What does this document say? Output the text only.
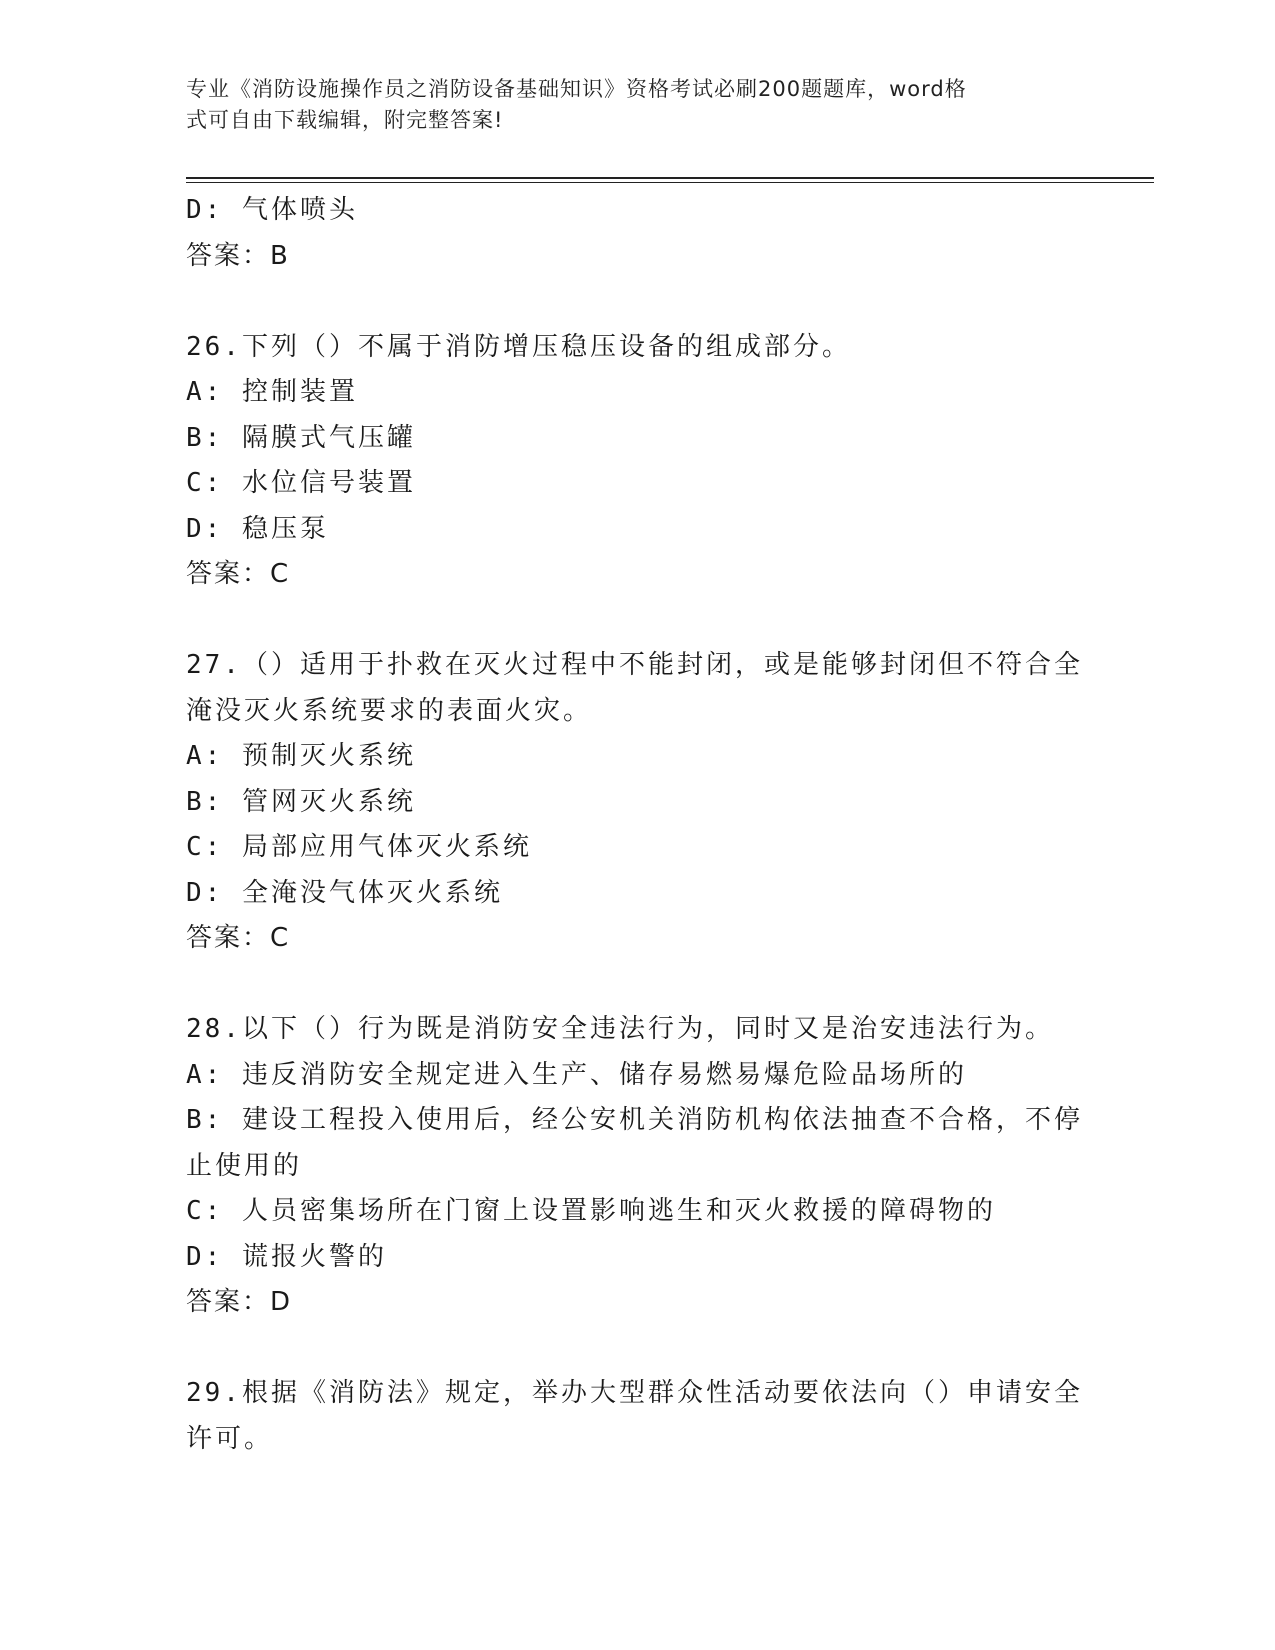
专业《消防设施操作员之消防设备基础知识》资格考试必刷200题题库，word格
式可自由下载编辑，附完整答案!
D: 气体喷头
答案：B
26.下列（）不属于消防增压稳压设备的组成部分。
A: 控制装置
B: 隔膜式气压罐
C: 水位信号装置
D: 稳压泵
答案：C
27.（）适用于扑救在灭火过程中不能封闭，或是能够封闭但不符合全
淹没灭火系统要求的表面火灾。
A: 预制灭火系统
B: 管网灭火系统
C: 局部应用气体灭火系统
D: 全淹没气体灭火系统
答案：C
28.以下（）行为既是消防安全违法行为，同时又是治安违法行为。
A: 违反消防安全规定进入生产、储存易燃易爆危险品场所的
B: 建设工程投入使用后，经公安机关消防机构依法抽查不合格，不停
止使用的
C: 人员密集场所在门窗上设置影响逃生和灭火救援的障碍物的
D: 谎报火警的
答案：D
29.根据《消防法》规定，举办大型群众性活动要依法向（）申请安全
许可。
